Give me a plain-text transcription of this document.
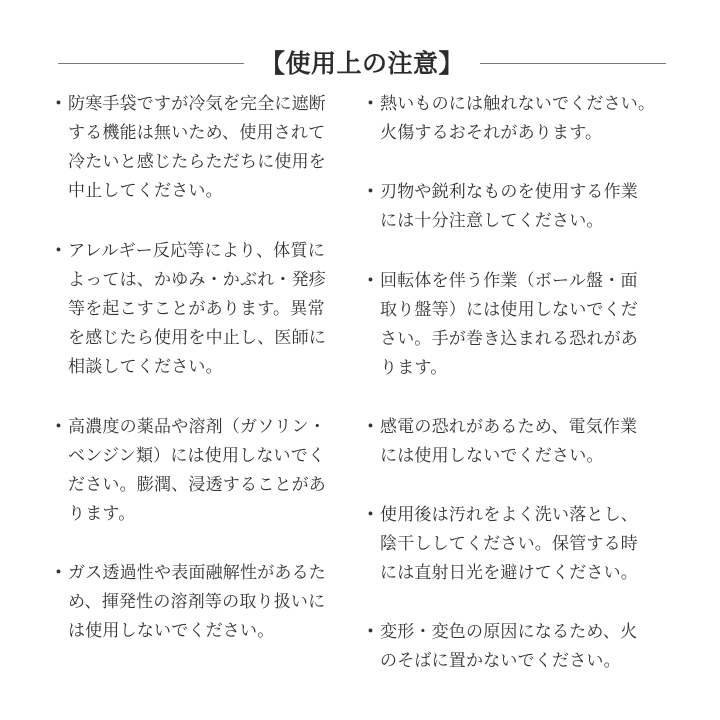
【使用上の注意】
・ 防寒手袋ですが冷気を完全に遮断
する機能は無いため、使用されて
冷たいと感じたらただちに使用を
中止してください。
・ アレルギー反応等により、体質に
よっては、かゆみ・かぶれ・発疹
等を起こすことがあります。異常
を感じたら使用を中止し、医師に
相談してください。
・ 高濃度の薬品や溶剤（ガソリン・
ベンジン類）には使用しないでく
ださい。膨潤、浸透することがあ
ります。
・ ガス透過性や表面融解性があるた
め、揮発性の溶剤等の取り扱いに
は使用しないでください。
・ 熱いものには触れないでください。
火傷するおそれがあります。
・ 刃物や鋭利なものを使用する作業
には十分注意してください。
・ 回転体を伴う作業（ボール盤・面
取り盤等）には使用しないでくだ
さい。手が巻き込まれる恐れがあ
ります。
・ 感電の恐れがあるため、電気作業
には使用しないでください。
・ 使用後は汚れをよく洗い落とし、
陰干ししてください。保管する時
には直射日光を避けてください。
・ 変形・変色の原因になるため、火
のそばに置かないでください。
